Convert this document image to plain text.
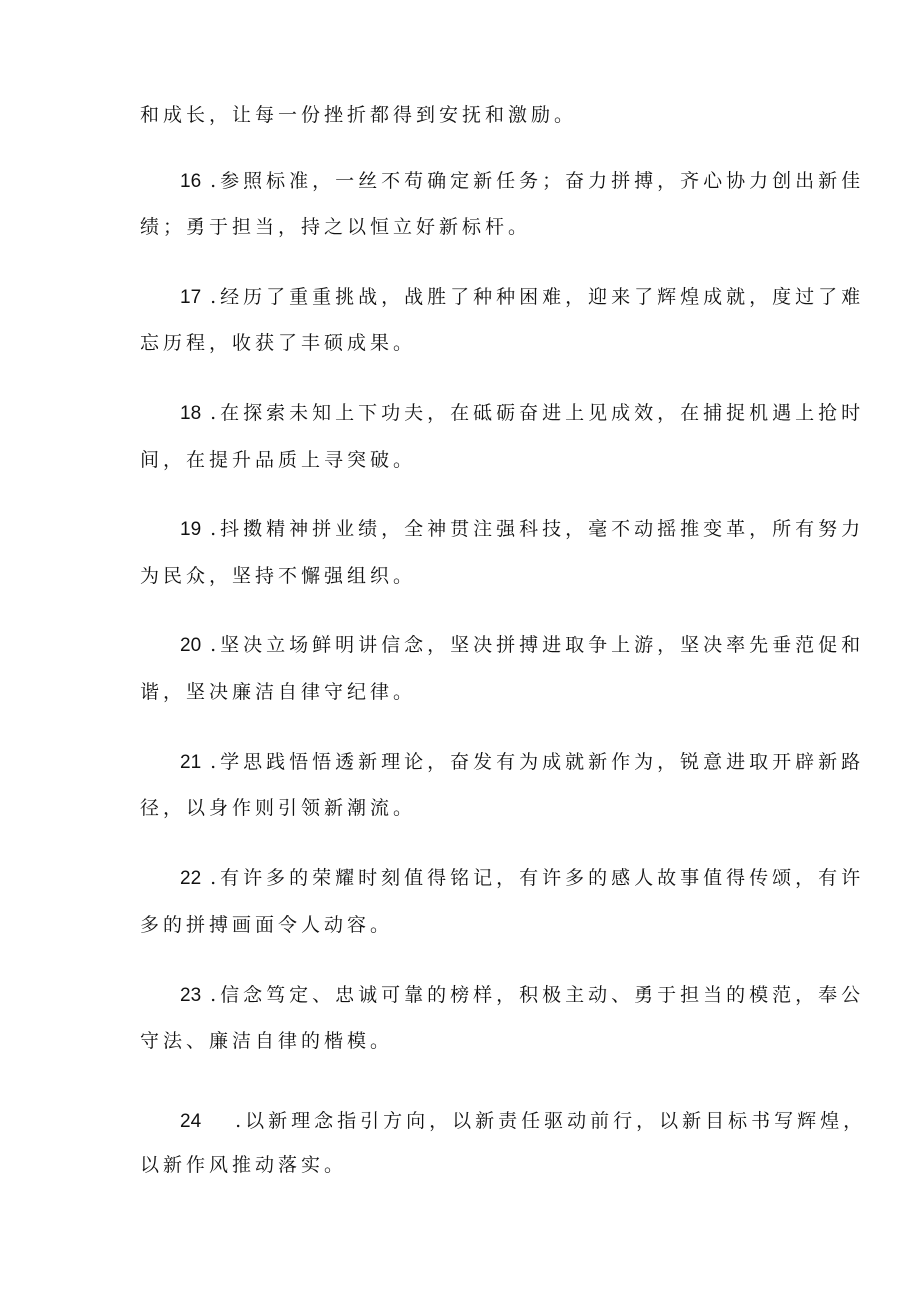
和成长，让每一份挫折都得到安抚和激励。
16 .参照标准，一丝不苟确定新任务；奋力拼搏，齐心协力创出新佳
绩；勇于担当，持之以恒立好新标杆。
17 .经历了重重挑战，战胜了种种困难，迎来了辉煌成就，度过了难
忘历程，收获了丰硕成果。
18 .在探索未知上下功夫，在砥砺奋进上见成效，在捕捉机遇上抢时
间，在提升品质上寻突破。
19 .抖擞精神拼业绩，全神贯注强科技，毫不动摇推变革，所有努力
为民众，坚持不懈强组织。
20 .坚决立场鲜明讲信念，坚决拼搏进取争上游，坚决率先垂范促和
谐，坚决廉洁自律守纪律。
21 .学思践悟悟透新理论，奋发有为成就新作为，锐意进取开辟新路
径，以身作则引领新潮流。
22 .有许多的荣耀时刻值得铭记，有许多的感人故事值得传颂，有许
多的拼搏画面令人动容。
23 .信念笃定、忠诚可靠的榜样，积极主动、勇于担当的模范，奉公
守法、廉洁自律的楷模。
24 .以新理念指引方向，以新责任驱动前行，以新目标书写辉煌，
以新作风推动落实。
